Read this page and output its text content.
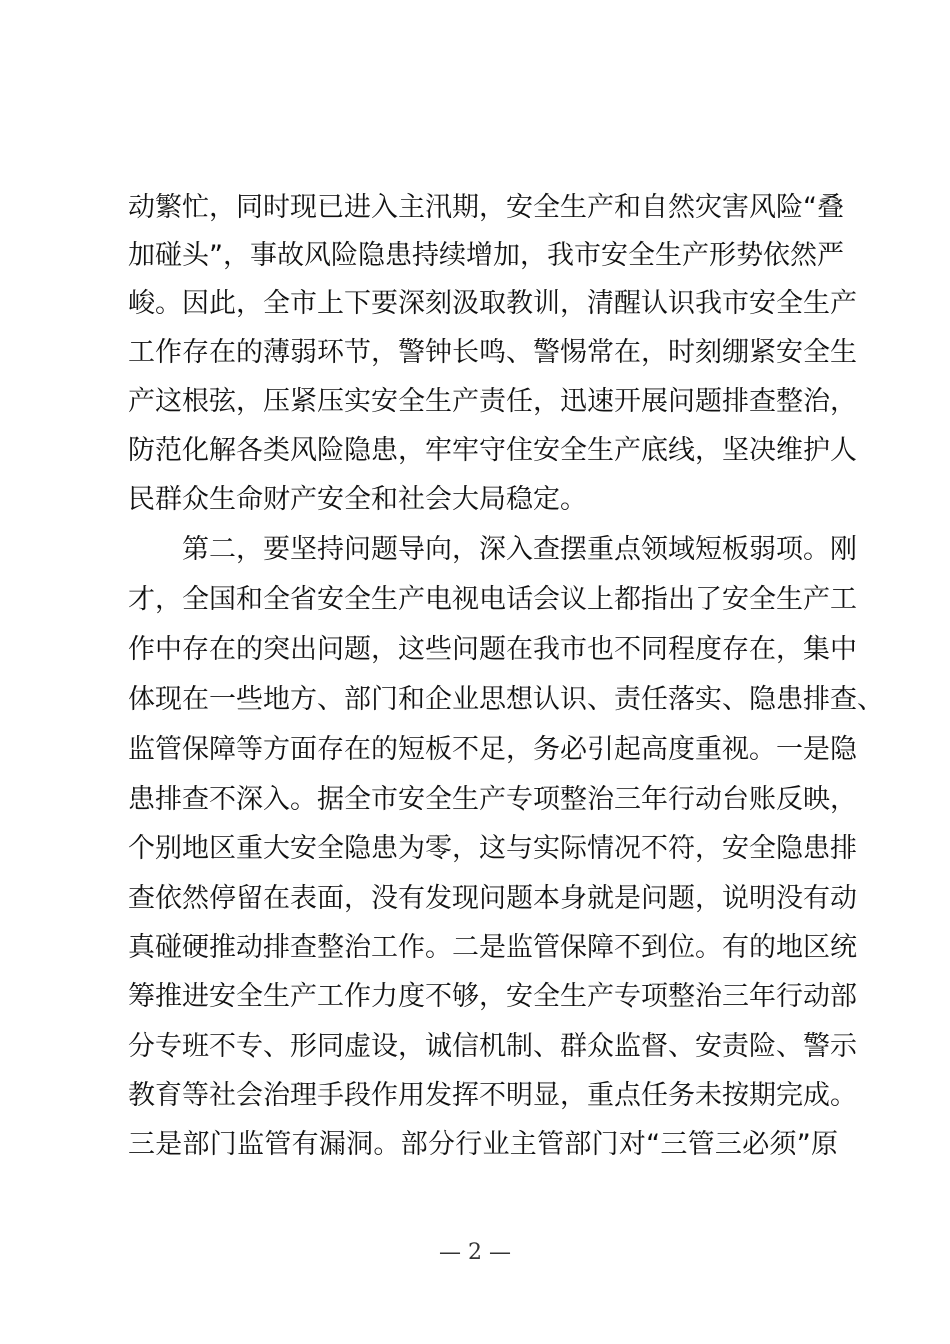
动繁忙，同时现已进入主汛期，安全生产和自然灾害风险“叠
加碰头”，事故风险隐患持续增加，我市安全生产形势依然严
峻。因此，全市上下要深刻汲取教训，清醒认识我市安全生产
工作存在的薄弱环节，警钟长鸣、警惕常在，时刻绷紧安全生
产这根弦，压紧压实安全生产责任，迅速开展问题排查整治，
防范化解各类风险隐患，牢牢守住安全生产底线，坚决维护人
民群众生命财产安全和社会大局稳定。
第二，要坚持问题导向，深入查摆重点领域短板弱项。刚
才，全国和全省安全生产电视电话会议上都指出了安全生产工
作中存在的突出问题，这些问题在我市也不同程度存在，集中
体现在一些地方、部门和企业思想认识、责任落实、隐患排查、
监管保障等方面存在的短板不足，务必引起高度重视。一是隐
患排查不深入。据全市安全生产专项整治三年行动台账反映，
个别地区重大安全隐患为零，这与实际情况不符，安全隐患排
查依然停留在表面，没有发现问题本身就是问题，说明没有动
真碰硬推动排查整治工作。二是监管保障不到位。有的地区统
筹推进安全生产工作力度不够，安全生产专项整治三年行动部
分专班不专、形同虚设，诚信机制、群众监督、安责险、警示
教育等社会治理手段作用发挥不明显，重点任务未按期完成。
三是部门监管有漏洞。部分行业主管部门对“三管三必须”原
— 2 —
